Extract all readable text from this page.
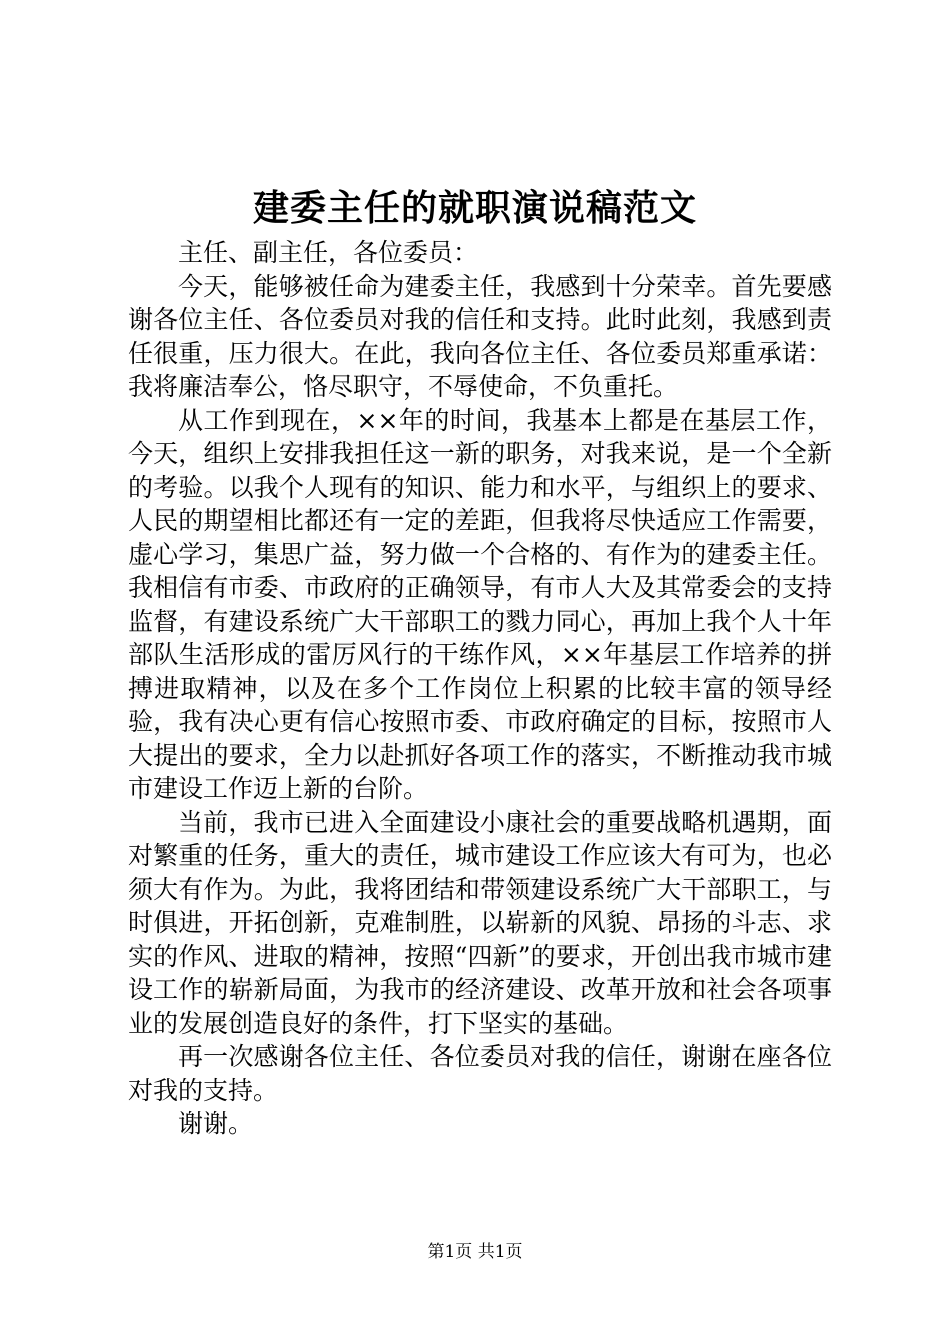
建委主任的就职演说稿范文

主任、副主任，各位委员：

今天，能够被任命为建委主任，我感到十分荣幸。首先要感谢各位主任、各位委员对我的信任和支持。此时此刻，我感到责任很重，压力很大。在此，我向各位主任、各位委员郑重承诺：我将廉洁奉公，恪尽职守，不辱使命，不负重托。

从工作到现在，××年的时间，我基本上都是在基层工作，今天，组织上安排我担任这一新的职务，对我来说，是一个全新的考验。以我个人现有的知识、能力和水平，与组织上的要求、人民的期望相比都还有一定的差距，但我将尽快适应工作需要，虚心学习，集思广益，努力做一个合格的、有作为的建委主任。我相信有市委、市政府的正确领导，有市人大及其常委会的支持监督，有建设系统广大干部职工的戮力同心，再加上我个人十年部队生活形成的雷厉风行的干练作风，××年基层工作培养的拼搏进取精神，以及在多个工作岗位上积累的比较丰富的领导经验，我有决心更有信心按照市委、市政府确定的目标，按照市人大提出的要求，全力以赴抓好各项工作的落实，不断推动我市城市建设工作迈上新的台阶。

当前，我市已进入全面建设小康社会的重要战略机遇期，面对繁重的任务，重大的责任，城市建设工作应该大有可为，也必须大有作为。为此，我将团结和带领建设系统广大干部职工，与时俱进，开拓创新，克难制胜，以崭新的风貌、昂扬的斗志、求实的作风、进取的精神，按照“四新”的要求，开创出我市城市建设工作的崭新局面，为我市的经济建设、改革开放和社会各项事业的发展创造良好的条件，打下坚实的基础。

再一次感谢各位主任、各位委员对我的信任，谢谢在座各位对我的支持。

谢谢。

第1页 共1页
